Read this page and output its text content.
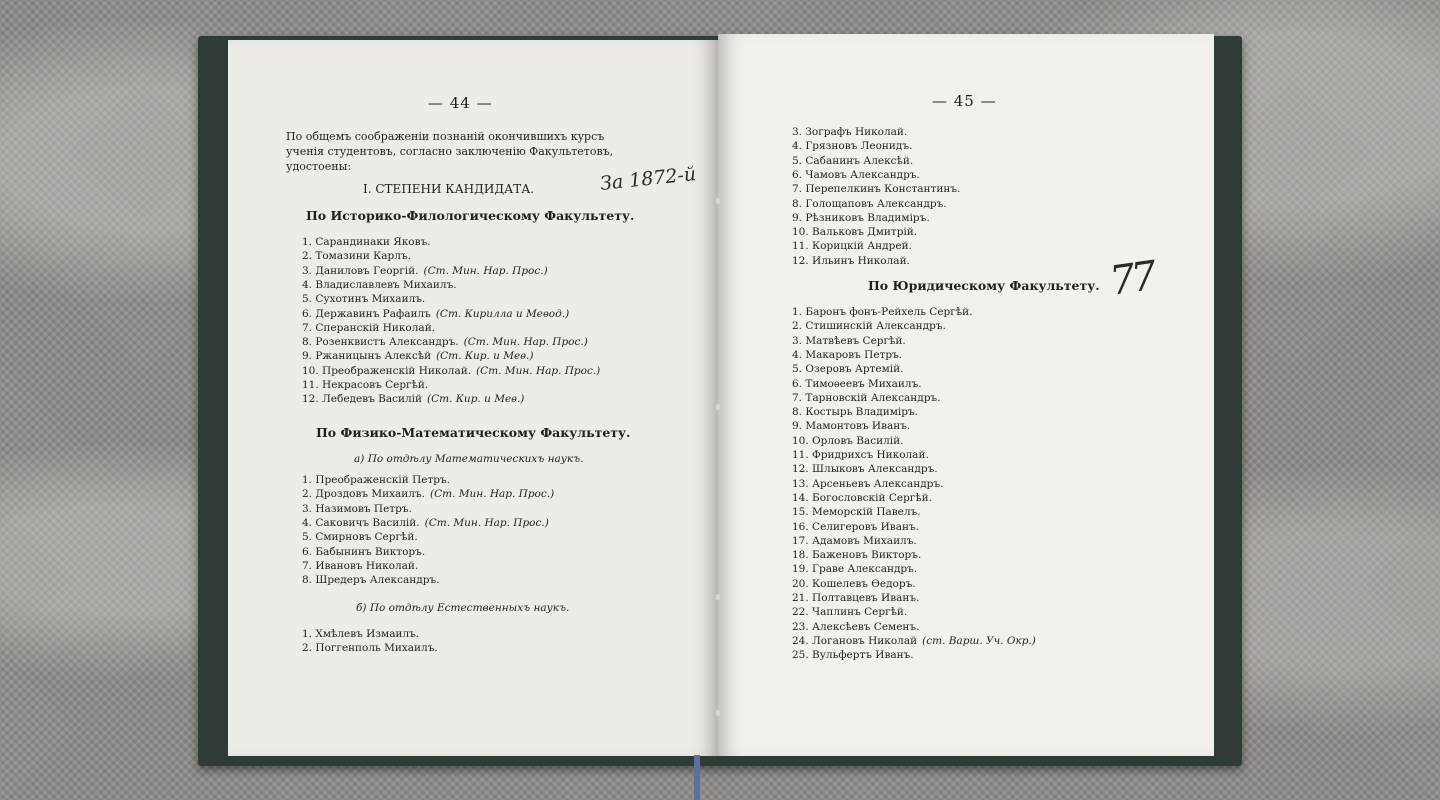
— 44 —
По общемъ соображеніи познаній окончившихъ курсъ
ученія студентовъ, согласно заключенію Факультетовъ,
удостоены:
I. СТЕПЕНИ КАНДИДАТА.	За 1872-й
По Историко-Филологическому Факультету.
1. Сарандинаки Яковъ.
2. Томазини Карлъ.
3. Даниловъ Георгій. (Ст. Мин. Нар. Прос.)
4. Владиславлевъ Михаилъ.
5. Сухотинъ Михаилъ.
6. Державинъ Рафаилъ (Ст. Кирилла и Меѳод.)
7. Сперанскій Николай.
8. Розенквистъ Александръ. (Ст. Мин. Нар. Прос.)
9. Ржаницынъ Алексѣй (Ст. Кир. и Меѳ.)
10. Преображенскій Николай. (Ст. Мин. Нар. Прос.)
11. Некрасовъ Сергѣй.
12. Лебедевъ Василій (Ст. Кир. и Меѳ.)
По Физико-Математическому Факультету.
а) По отдѣлу Математическихъ наукъ.
1. Преображенскій Петръ.
2. Дроздовъ Михаилъ. (Ст. Мин. Нар. Прос.)
3. Назимовъ Петръ.
4. Саковичъ Василій. (Ст. Мин. Нар. Прос.)
5. Смирновъ Сергѣй.
6. Бабынинъ Викторъ.
7. Ивановъ Николай.
8. Шредеръ Александръ.
б) По отдѣлу Естественныхъ наукъ.
1. Хмѣлевъ Измаилъ.
2. Поггенполь Михаилъ.
— 45 —
3. Зографъ Николай.
4. Грязновъ Леонидъ.
5. Сабанинъ Алексѣй.
6. Чамовъ Александръ.
7. Перепелкинъ Константинъ.
8. Голощаповъ Александръ.
9. Рѣзниковъ Владиміръ.
10. Вальковъ Дмитрій.
11. Корицкій Андрей.
12. Ильинъ Николай.
По Юридическому Факультету. 77
1. Баронъ фонъ-Рейхель Сергѣй.
2. Стишинскій Александръ.
3. Матвѣевъ Сергѣй.
4. Макаровъ Петръ.
5. Озеровъ Артемій.
6. Тимоѳеевъ Михаилъ.
7. Тарновскій Александръ.
8. Костырь Владиміръ.
9. Мамонтовъ Иванъ.
10. Орловъ Василій.
11. Фридрихсъ Николай.
12. Шлыковъ Александръ.
13. Арсеньевъ Александръ.
14. Богословскій Сергѣй.
15. Меморскій Павелъ.
16. Селигеровъ Иванъ.
17. Адамовъ Михаилъ.
18. Баженовъ Викторъ.
19. Граве Александръ.
20. Кошелевъ Ѳедоръ.
21. Полтавцевъ Иванъ.
22. Чаплинъ Сергѣй.
23. Алексѣевъ Семенъ.
24. Логановъ Николай (ст. Варш. Уч. Окр.)
25. Вульфертъ Иванъ.
